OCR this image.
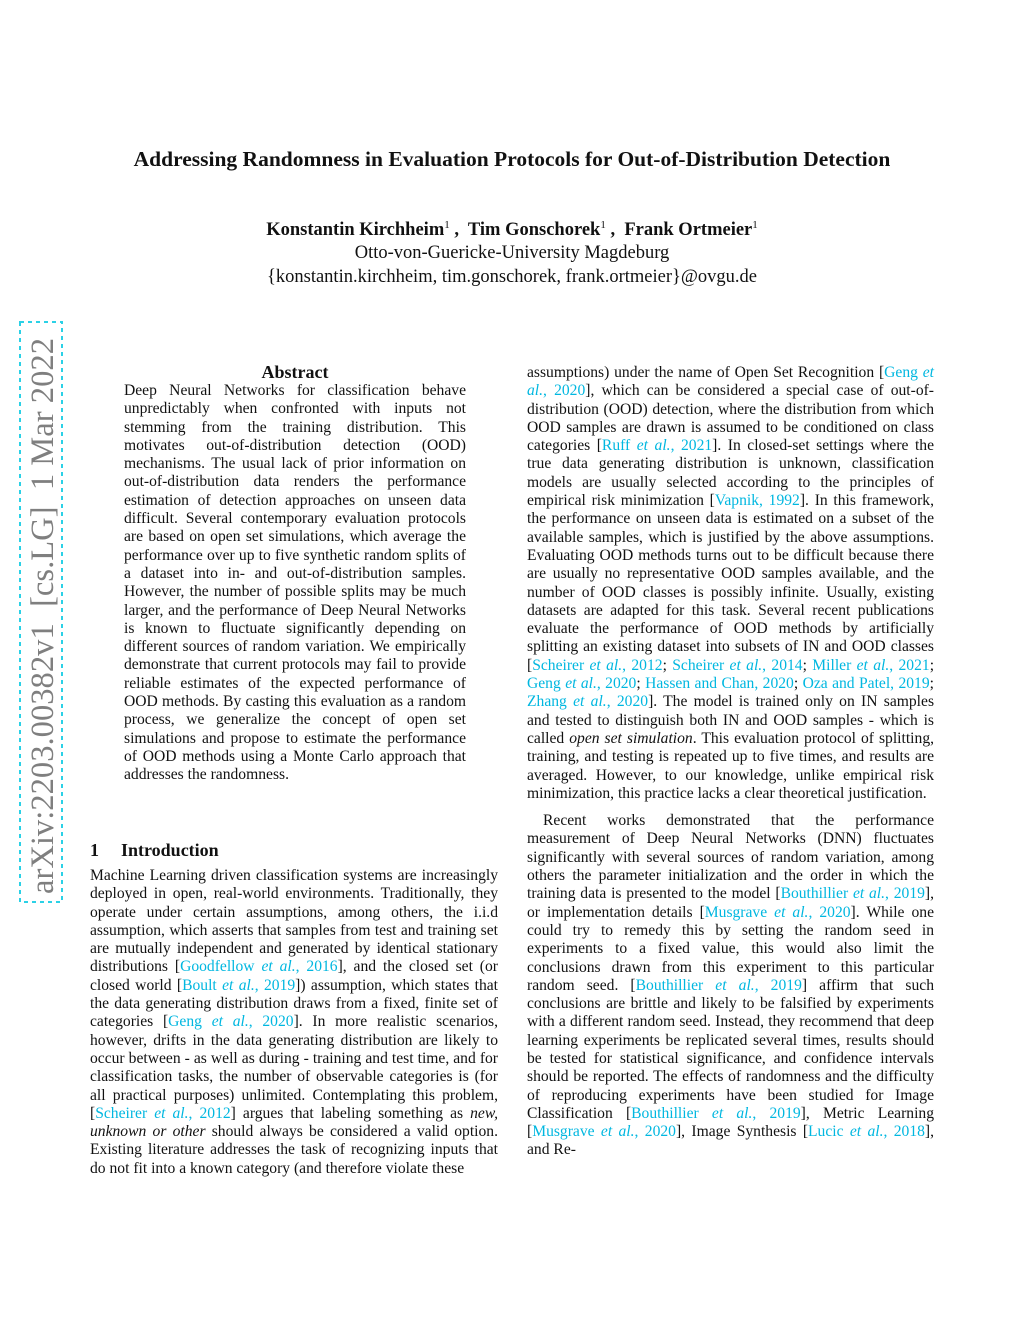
arXiv:2203.00382v1  [cs.LG]  1 Mar 2022
Addressing Randomness in Evaluation Protocols for Out-of-Distribution Detection
Konstantin Kirchheim$^1$ ,  Tim Gonschorek$^1$ ,  Frank Ortmeier$^1$
Otto-von-Guericke-University Magdeburg
{konstantin.kirchheim, tim.gonschorek, frank.ortmeier}@ovgu.de
Abstract

Deep Neural Networks for classification behave unpredictably when confronted with inputs not stemming from the training distribution. This motivates out-of-distribution detection (OOD) mechanisms. The usual lack of prior information on out-of-distribution data renders the performance estimation of detection approaches on unseen data difficult. Several contemporary evaluation protocols are based on open set simulations, which average the performance over up to five synthetic random splits of a dataset into in- and out-of-distribution samples. However, the number of possible splits may be much larger, and the performance of Deep Neural Networks is known to fluctuate significantly depending on different sources of random variation. We empirically demonstrate that current protocols may fail to provide reliable estimates of the expected performance of OOD methods. By casting this evaluation as a random process, we generalize the concept of open set simulations and propose to estimate the performance of OOD methods using a Monte Carlo approach that addresses the randomness.

1 Introduction

Machine Learning driven classification systems are increasingly deployed in open, real-world environments. Traditionally, they operate under certain assumptions, among others, the i.i.d assumption, which asserts that samples from test and training set are mutually independent and generated by identical stationary distributions [Goodfellow et al., 2016], and the closed set (or closed world [Boult et al., 2019]) assumption, which states that the data generating distribution draws from a fixed, finite set of categories [Geng et al., 2020]. In more realistic scenarios, however, drifts in the data generating distribution are likely to occur between - as well as during - training and test time, and for classification tasks, the number of observable categories is (for all practical purposes) unlimited. Contemplating this problem, [Scheirer et al., 2012] argues that labeling something as new, unknown or other should always be considered a valid option. Existing literature addresses the task of recognizing inputs that do not fit into a known category (and therefore violate these

assumptions) under the name of Open Set Recognition [Geng et al., 2020], which can be considered a special case of out-of-distribution (OOD) detection, where the distribution from which OOD samples are drawn is assumed to be conditioned on class categories [Ruff et al., 2021]. In closed-set settings where the true data generating distribution is unknown, classification models are usually selected according to the principles of empirical risk minimization [Vapnik, 1992]. In this framework, the performance on unseen data is estimated on a subset of the available samples, which is justified by the above assumptions. Evaluating OOD methods turns out to be difficult because there are usually no representative OOD samples available, and the number of OOD classes is possibly infinite. Usually, existing datasets are adapted for this task. Several recent publications evaluate the performance of OOD methods by artificially splitting an existing dataset into subsets of IN and OOD classes [Scheirer et al., 2012; Scheirer et al., 2014; Miller et al., 2021; Geng et al., 2020; Hassen and Chan, 2020; Oza and Patel, 2019; Zhang et al., 2020]. The model is trained only on IN samples and tested to distinguish both IN and OOD samples - which is called open set simulation. This evaluation protocol of splitting, training, and testing is repeated up to five times, and results are averaged. However, to our knowledge, unlike empirical risk minimization, this practice lacks a clear theoretical justification.

Recent works demonstrated that the performance measurement of Deep Neural Networks (DNN) fluctuates significantly with several sources of random variation, among others the parameter initialization and the order in which the training data is presented to the model [Bouthillier et al., 2019], or implementation details [Musgrave et al., 2020]. While one could try to remedy this by setting the random seed in experiments to a fixed value, this would also limit the conclusions drawn from this experiment to this particular random seed. [Bouthillier et al., 2019] affirm that such conclusions are brittle and likely to be falsified by experiments with a different random seed. Instead, they recommend that deep learning experiments be replicated several times, results should be tested for statistical significance, and confidence intervals should be reported. The effects of randomness and the difficulty of reproducing experiments have been studied for Image Classification [Bouthillier et al., 2019], Metric Learning [Musgrave et al., 2020], Image Synthesis [Lucic et al., 2018], and Re-
